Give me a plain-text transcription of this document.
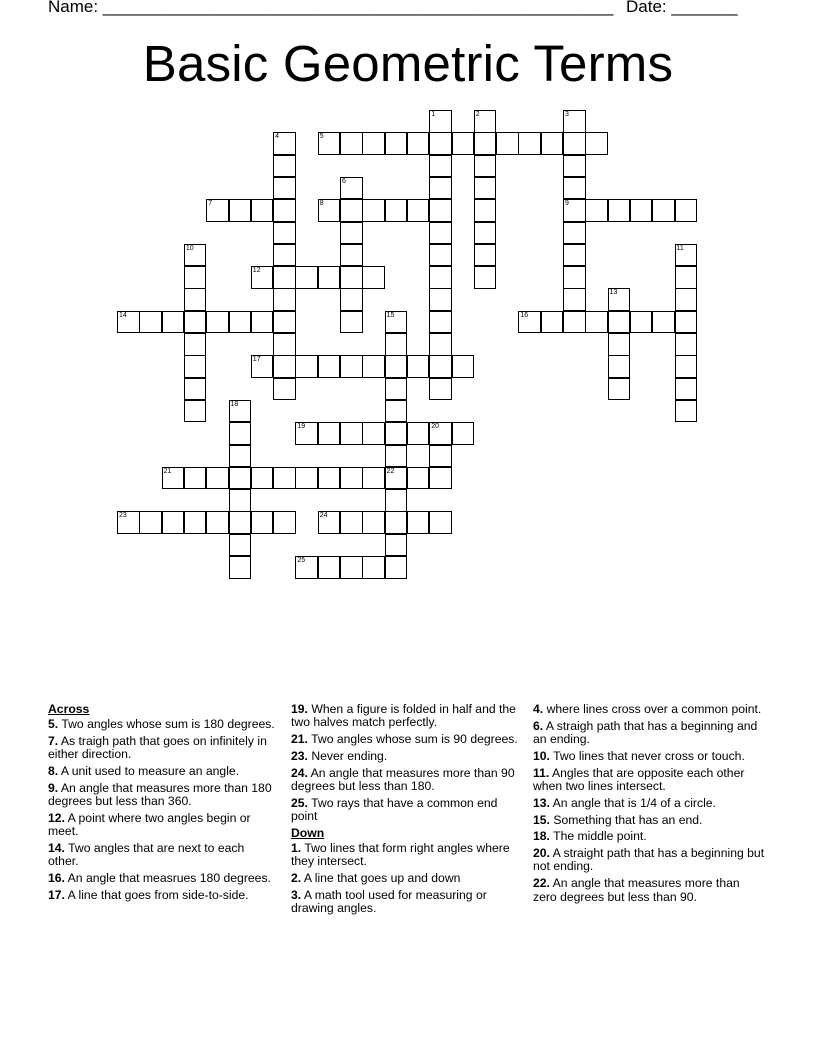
Name: ______________________________________________________ Date: _______
Basic Geometric Terms
1	2	3
9
4	5
6
7	8
10	11
12
13
14	15
22
16
17
18
19	20
21
23	24
25
Across
5. Two angles whose sum is 180 degrees.
7. As traigh path that goes on infinitely in either direction.
8. A unit used to measure an angle.
9. An angle that measures more than 180 degrees but less than 360.
12. A point where two angles begin or meet.
14. Two angles that are next to each other.
16. An angle that measrues 180 degrees.
17. A line that goes from side-to-side.
19. When a figure is folded in half and the two halves match perfectly.
21. Two angles whose sum is 90 degrees.
23. Never ending.
24. An angle that measures more than 90 degrees but less than 180.
25. Two rays that have a common end point
Down
1. Two lines that form right angles where they intersect.
2. A line that goes up and down
3. A math tool used for measuring or drawing angles.
4. where lines cross over a common point.
6. A straigh path that has a beginning and an ending.
10. Two lines that never cross or touch.
11. Angles that are opposite each other when two lines intersect.
13. An angle that is 1/4 of a circle.
15. Something that has an end.
18. The middle point.
20. A straight path that has a beginning but not ending.
22. An angle that measures more than zero degrees but less than 90.
